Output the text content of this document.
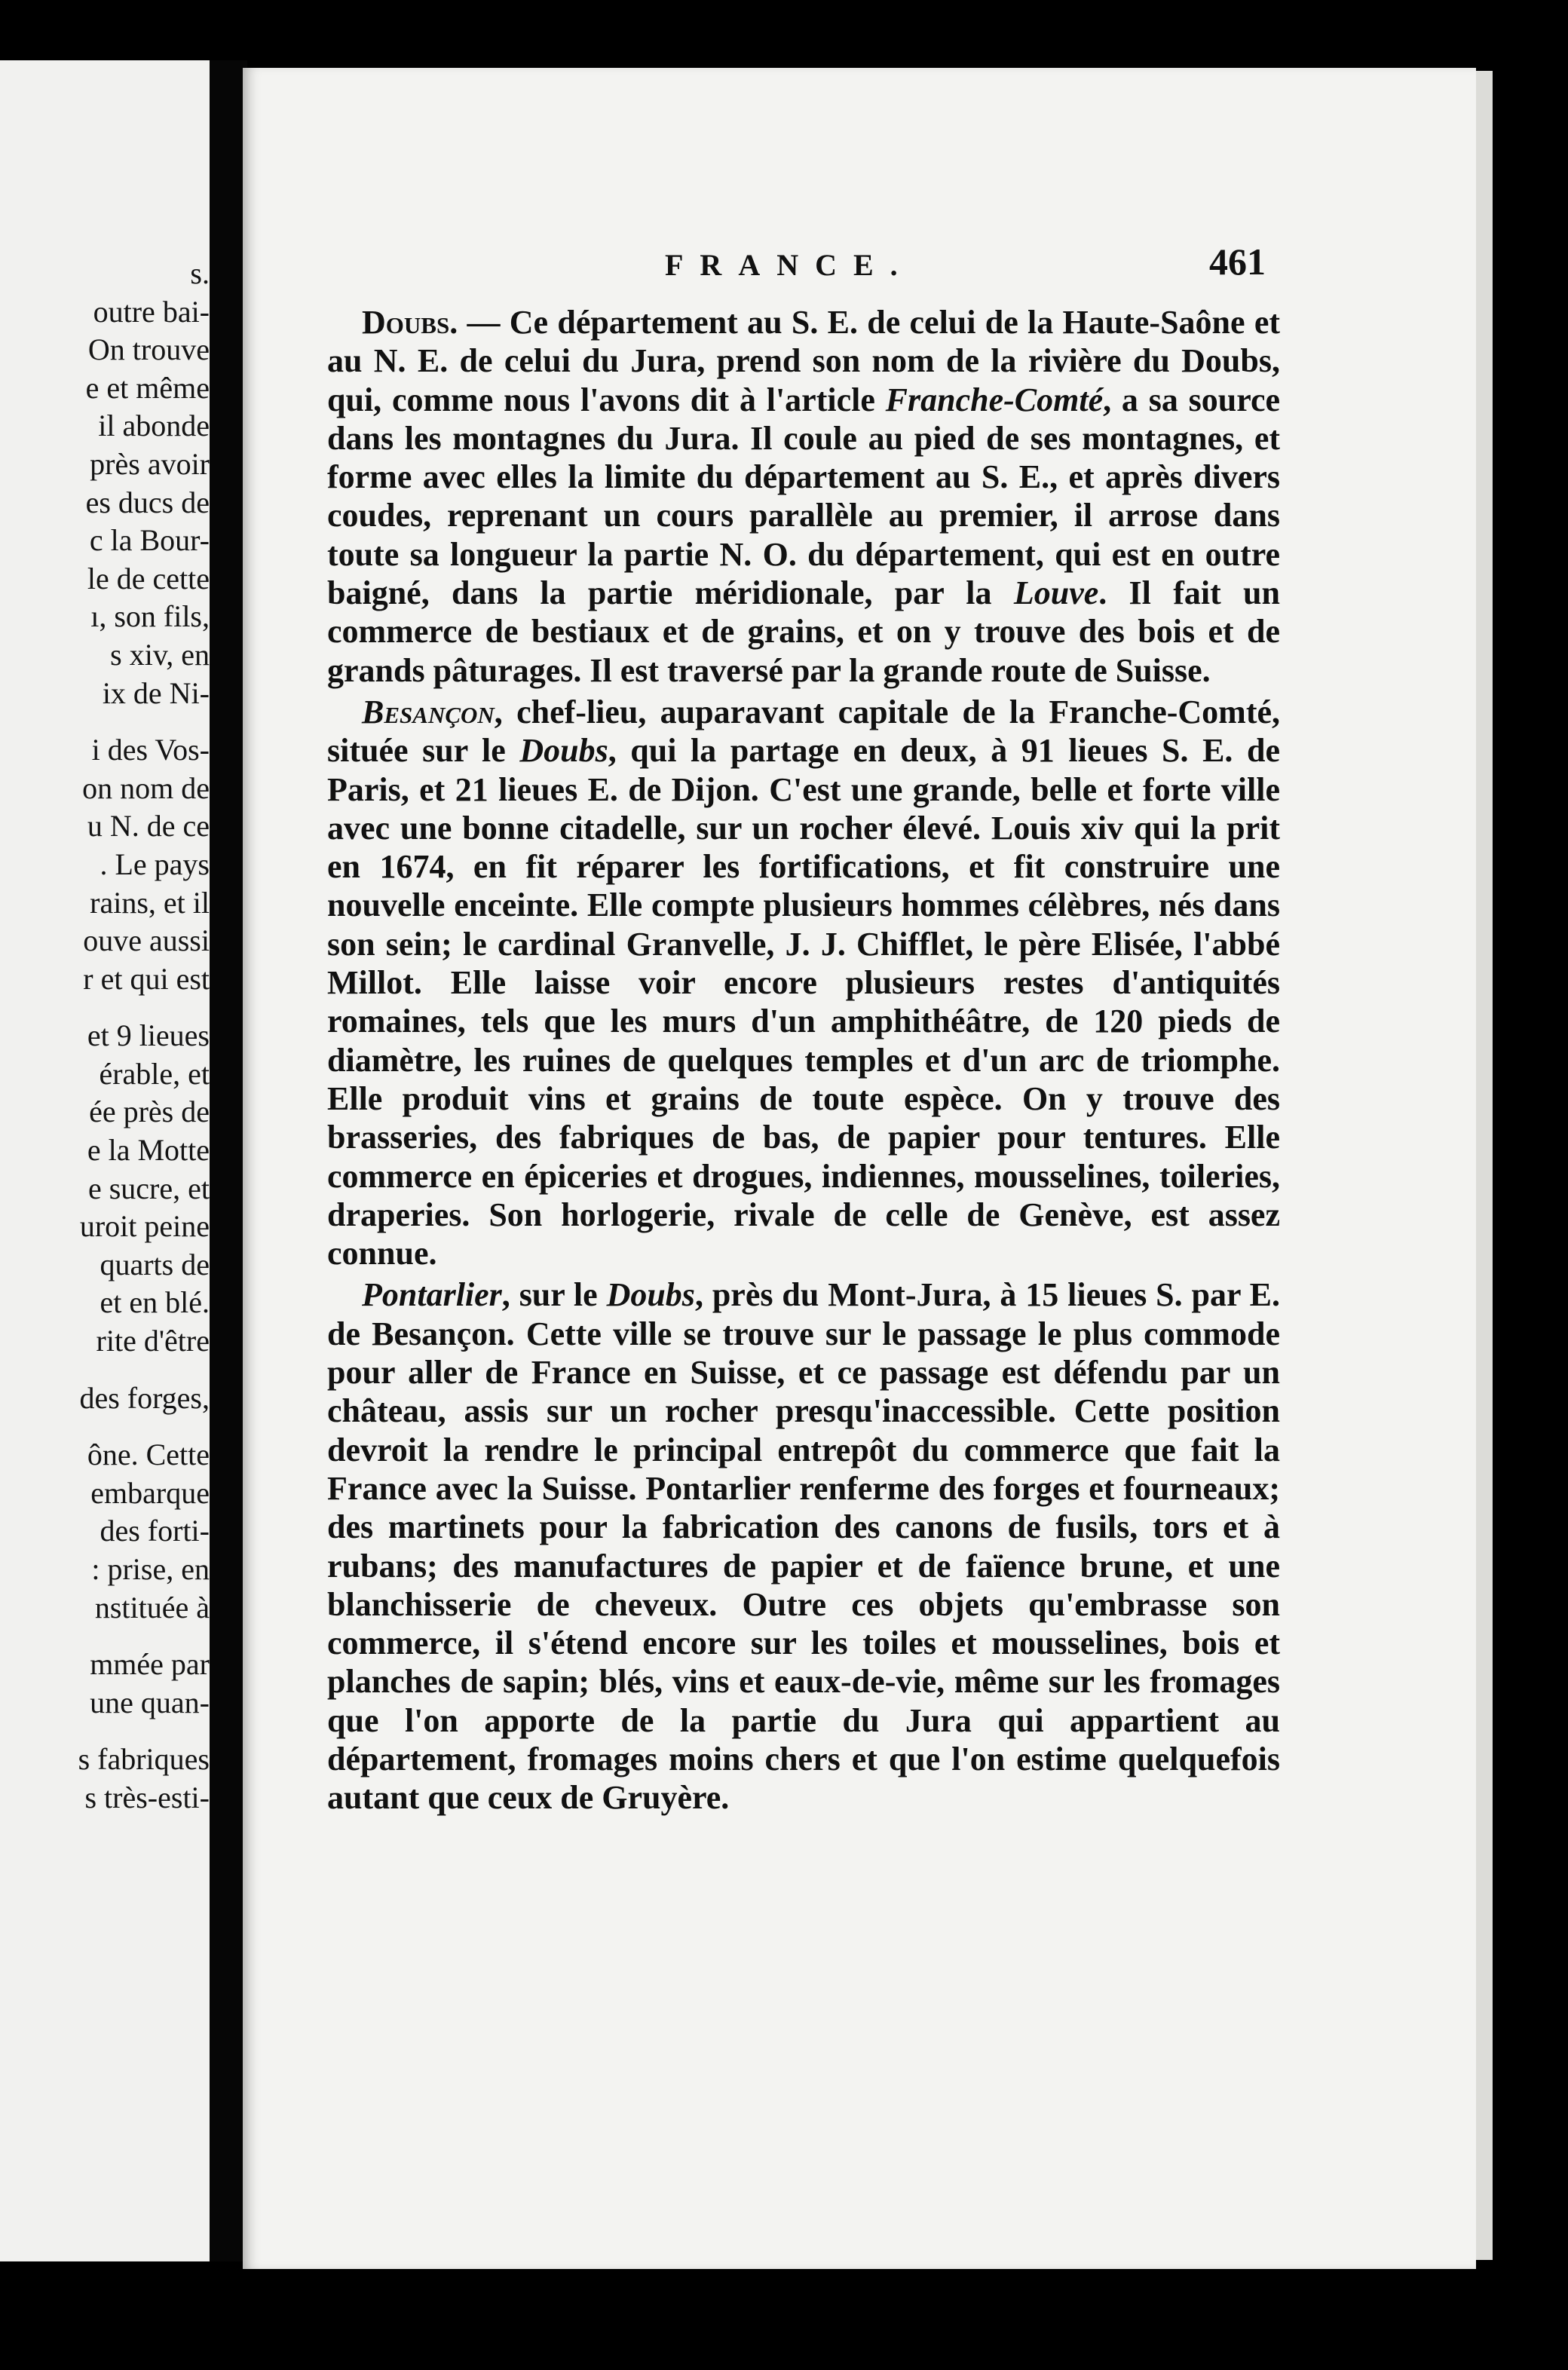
s.
outre bai-
On trouve
e et même
il abonde
près avoir
es ducs de
c la Bour-
le de cette
ı, son fils,
s xiv, en
ix de Ni-
i des Vos-
on nom de
u N. de ce
. Le pays
rains, et il
ouve aussi
r et qui est
et 9 lieues
érable, et
ée près de
e la Motte
e sucre, et
uroit peine
quarts de
et en blé.
rite d'être
des forges,
ône. Cette
embarque
des forti-
: prise, en
nstituée à
mmée par
une quan-
s fabriques
s très-esti-
FRANCE.	461

Doubs. — Ce département au S. E. de celui de la Haute-Saône et au N. E. de celui du Jura, prend son nom de la rivière du Doubs, qui, comme nous l'avons dit à l'article Franche-Comté, a sa source dans les montagnes du Jura. Il coule au pied de ses montagnes, et forme avec elles la limite du département au S. E., et après divers coudes, reprenant un cours parallèle au premier, il arrose dans toute sa longueur la partie N. O. du département, qui est en outre baigné, dans la partie méridionale, par la Louve. Il fait un commerce de bestiaux et de grains, et on y trouve des bois et de grands pâturages. Il est traversé par la grande route de Suisse.

Besançon, chef-lieu, auparavant capitale de la Franche-Comté, située sur le Doubs, qui la partage en deux, à 91 lieues S. E. de Paris, et 21 lieues E. de Dijon. C'est une grande, belle et forte ville avec une bonne citadelle, sur un rocher élevé. Louis xiv qui la prit en 1674, en fit réparer les fortifications, et fit construire une nouvelle enceinte. Elle compte plusieurs hommes célèbres, nés dans son sein; le cardinal Granvelle, J. J. Chifflet, le père Elisée, l'abbé Millot. Elle laisse voir encore plusieurs restes d'antiquités romaines, tels que les murs d'un amphithéâtre, de 120 pieds de diamètre, les ruines de quelques temples et d'un arc de triomphe. Elle produit vins et grains de toute espèce. On y trouve des brasseries, des fabriques de bas, de papier pour tentures. Elle commerce en épiceries et drogues, indiennes, mousselines, toileries, draperies. Son horlogerie, rivale de celle de Genève, est assez connue.

Pontarlier, sur le Doubs, près du Mont-Jura, à 15 lieues S. par E. de Besançon. Cette ville se trouve sur le passage le plus commode pour aller de France en Suisse, et ce passage est défendu par un château, assis sur un rocher presqu'inaccessible. Cette position devroit la rendre le principal entrepôt du commerce que fait la France avec la Suisse. Pontarlier renferme des forges et fourneaux; des martinets pour la fabrication des canons de fusils, tors et à rubans; des manufactures de papier et de faïence brune, et une blanchisserie de cheveux. Outre ces objets qu'embrasse son commerce, il s'étend encore sur les toiles et mousselines, bois et planches de sapin; blés, vins et eaux-de-vie, même sur les fromages que l'on apporte de la partie du Jura qui appartient au département, fromages moins chers et que l'on estime quelquefois autant que ceux de Gruyère.
